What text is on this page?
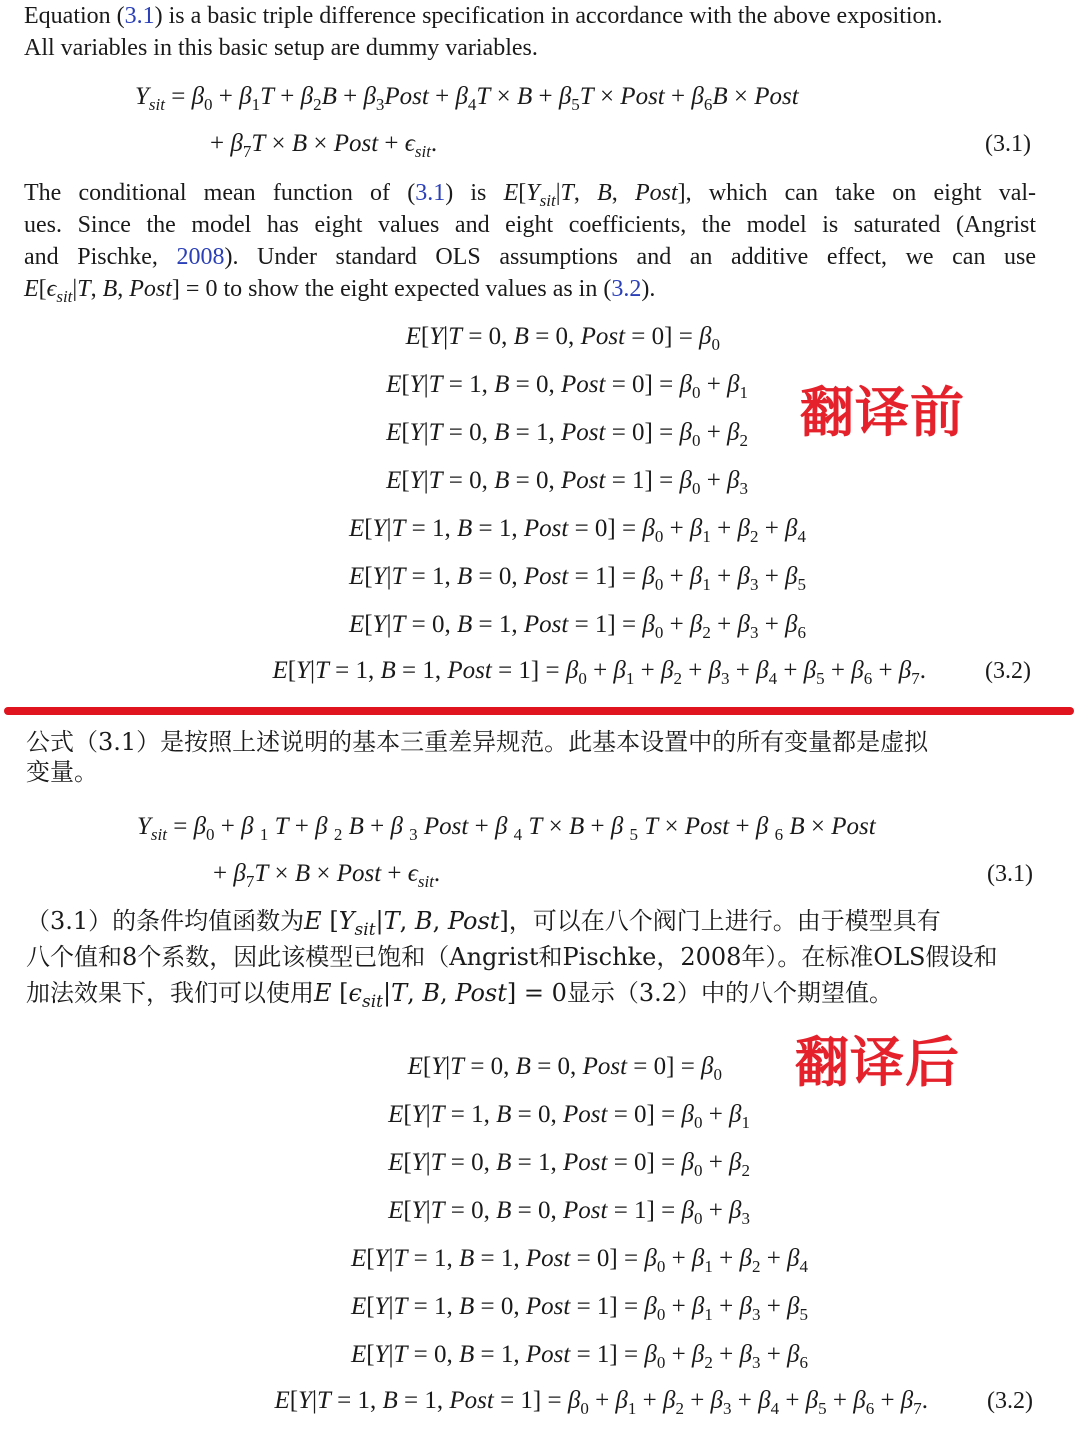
Equation (3.1) is a basic triple difference specification in accordance with the above exposition.
All variables in this basic setup are dummy variables.

$Y_{sit} = \beta_0 + \beta_1T + \beta_2B$ + $\beta_3Post + \beta_4T \times B + \beta_5T$ × Post + $\beta_6B$ × Post
+ $\beta_7T \times B$ × Post + $\epsilon_{sit}$.	(3.1)

The conditional mean function of (3.1) is $E[Y_{sit}|T$, B, Post], which can take on eight val-
ues. Since the model has eight values and eight coefficients, the model is saturated (Angrist
and Pischke, 2008). Under standard OLS assumptions and an additive effect, we can use
$E[\epsilon_{sit}|T$, B, Post] = 0 to show the eight expected values as in (3.2).

E[Y|T = 0, B = 0, Post = $0] = \beta_0$
E[Y|T = 1, B = 0, Post = $0] = \beta_0 + \beta_1$
E[Y|T = 0, B = 1, Post = $0] = \beta_0 + \beta_2$
E[Y|T = 0, B = 0, Post = $1] = \beta_0 + \beta_3$
E[Y|T = 1, B = 1, Post = $0] = \beta_0 + \beta_1 + \beta_2 + \beta_4$
E[Y|T = 1, B = 0, Post = $1] = \beta_0 + \beta_1 + \beta_3 + \beta_5$
E[Y|T = 0, B = 1, Post = $1] = \beta_0 + \beta_2 + \beta_3 + \beta_6$
E[Y|T = 1, B = 1, Post = $1] = \beta_0 + \beta_1 + \beta_2 + \beta_3 + \beta_4 + \beta_5 + \beta_6 + \beta_7$. (3.2)
翻译前

公式（3.1）是按照上述说明的基本三重差异规范。此基本设置中的所有变量都是虚拟
变量。

$Y_{sit} = \beta_0 + \beta$ $_1$ T + β $_2$ B + β $_3$ Post + β $_4$ T × B + β $_5$ T × Post + β $_6$ B × Post
+ $\beta_7T \times B$ × Post + $\epsilon_{sit}$.	(3.1)

（3.1）的条件均值函数为E [$Y_{sit}|T$, B, Post]，可以在八个阀门上进行。由于模型具有
八个值和8个系数，因此该模型已饱和（Angrist和Pischke，2008年）。在标准OLS假设和
加法效果下，我们可以使用E [$\epsilon_{sit}|T$, B, Post] = 0显示（3.2）中的八个期望值。

E[Y|T = 0, B = 0, Post = $0] = \beta_0$
E[Y|T = 1, B = 0, Post = $0] = \beta_0 + \beta_1$
E[Y|T = 0, B = 1, Post = $0] = \beta_0 + \beta_2$
E[Y|T = 0, B = 0, Post = $1] = \beta_0 + \beta_3$
E[Y|T = 1, B = 1, Post = $0] = \beta_0 + \beta_1 + \beta_2 + \beta_4$
E[Y|T = 1, B = 0, Post = $1] = \beta_0 + \beta_1 + \beta_3 + \beta_5$
E[Y|T = 0, B = 1, Post = $1] = \beta_0 + \beta_2 + \beta_3 + \beta_6$
E[Y|T = 1, B = 1, Post = $1] = \beta_0 + \beta_1 + \beta_2 + \beta_3 + \beta_4 + \beta_5 + \beta_6 + \beta_7$. (3.2)
翻译后
